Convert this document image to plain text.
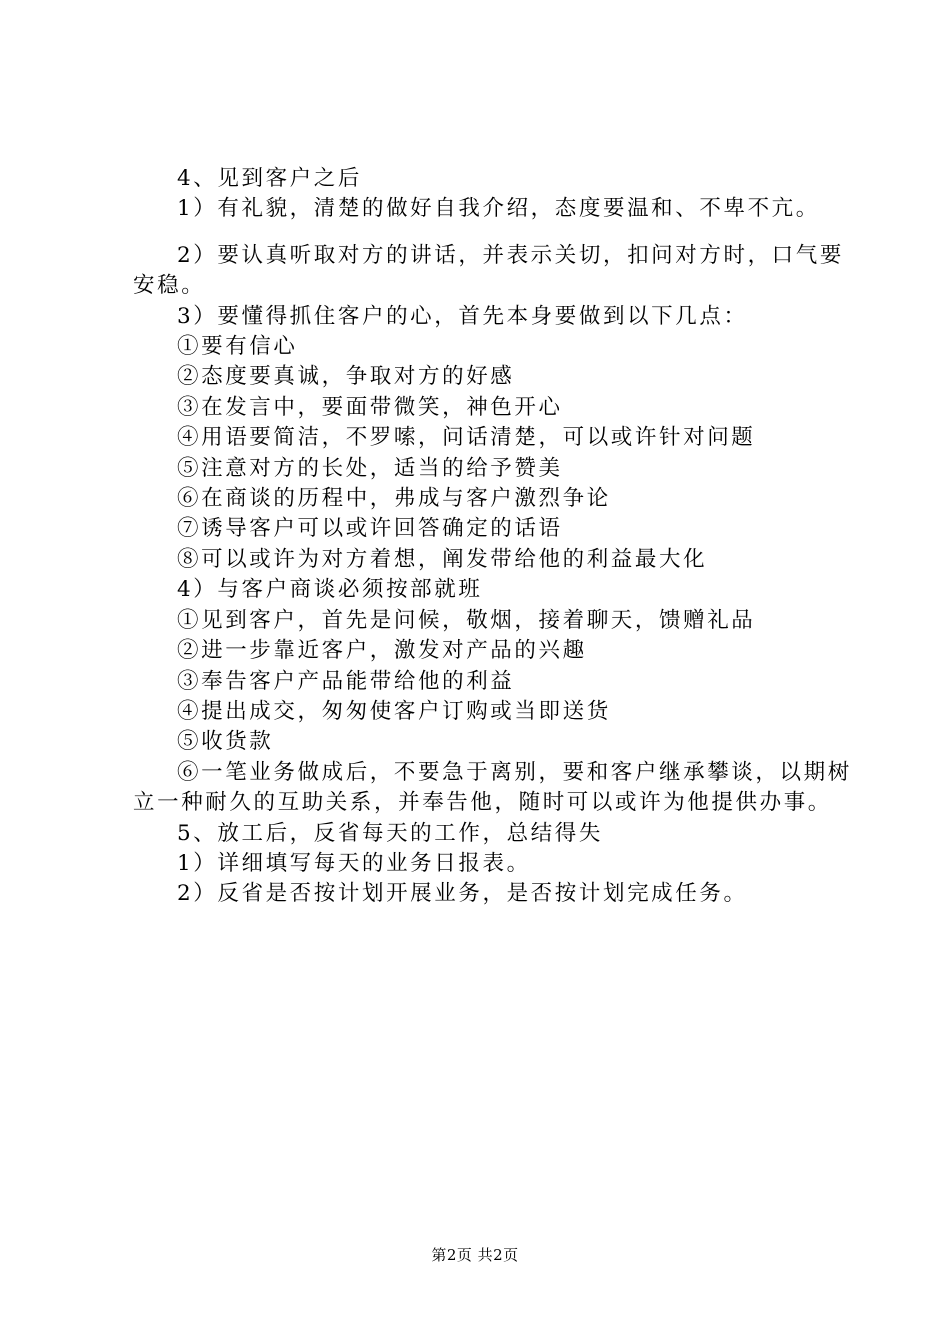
4、见到客户之后

1）有礼貌，清楚的做好自我介绍，态度要温和、不卑不亢。

2）要认真听取对方的讲话，并表示关切，扣问对方时，口气要安稳。

3）要懂得抓住客户的心，首先本身要做到以下几点：

①要有信心

②态度要真诚，争取对方的好感

③在发言中，要面带微笑，神色开心

④用语要简洁，不罗嗦，问话清楚，可以或许针对问题

⑤注意对方的长处，适当的给予赞美

⑥在商谈的历程中，弗成与客户激烈争论

⑦诱导客户可以或许回答确定的话语

⑧可以或许为对方着想，阐发带给他的利益最大化

4）与客户商谈必须按部就班

①见到客户，首先是问候，敬烟，接着聊天，馈赠礼品

②进一步靠近客户，激发对产品的兴趣

③奉告客户产品能带给他的利益

④提出成交，匆匆使客户订购或当即送货

⑤收货款

⑥一笔业务做成后，不要急于离别，要和客户继承攀谈，以期树立一种耐久的互助关系，并奉告他，随时可以或许为他提供办事。

5、放工后，反省每天的工作，总结得失

1）详细填写每天的业务日报表。

2）反省是否按计划开展业务，是否按计划完成任务。

第2页 共2页
